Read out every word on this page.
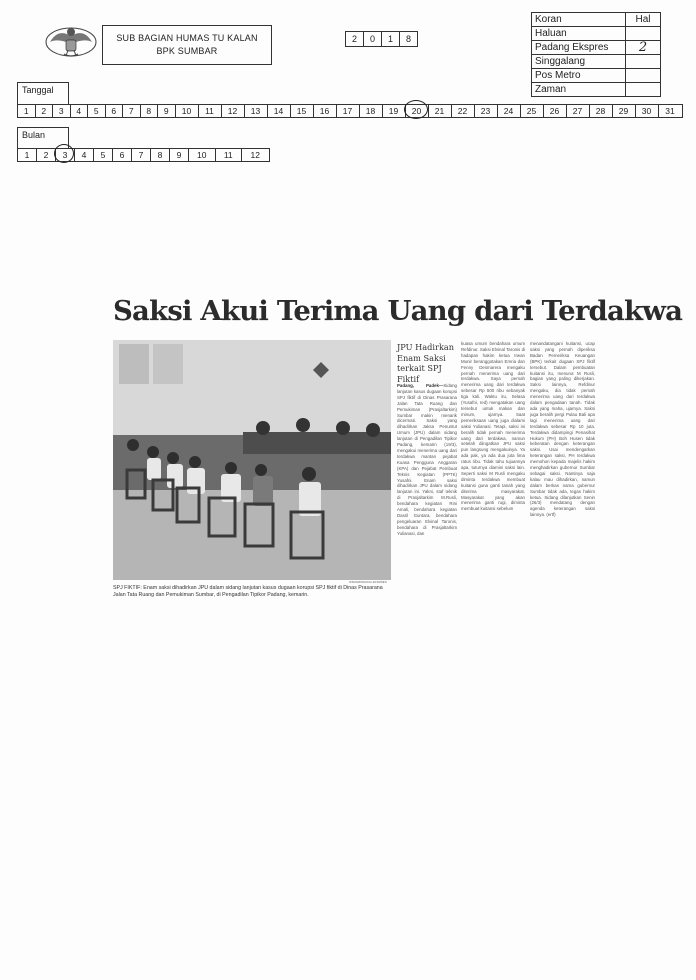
SUB BAGIAN HUMAS TU KALAN
BPK SUMBAR
2	0	1	8
Koran	Hal
Haluan	
Padang Ekspres	2
Singgalang	
Pos Metro	
Zaman	
Tanggal
1	2	3	4	5	6	7	8	9	10	11	12	13	14	15	16	17	18	19	20	21	22	23	24	25	26	27	28	29	30	31
Bulan
1	2	3	4	5	6	7	8	9	10	11	12
Saksi Akui Terima Uang dari Terdakwa
IKRAM/PADANG EKSPRES
SPJ FIKTIF: Enam saksi dihadirkan JPU dalam sidang lanjutan kasus dugaan korupsi SPJ fiktif di Dinas Prasarana Jalan Tata Ruang dan Pemukiman Sumbar, di Pengadilan Tipikor Padang, kemarin.
JPU Hadirkan Enam Saksi terkait SPJ Fiktif
Padang, Padek—Sidang lanjutan kasus dugaan korupsi SPJ fiktif di Dinas Prasarana Jalan Tata Ruang dan Pemukiman (Prasjaltarkim) Sumbar makin menarik dicermati. Saksi yang dihadirkan Jaksa Penuntut Umum (JPU) dalam sidang lanjutan di Pengadilan Tipikor Padang, kemarin (19/3), mengakui menerima uang dari terdakwa mantan pejabat Kuasa Pengguna Anggaran (KPA) dan Pejabat Pembuat Teknis Kegiatan (PPTK) Yusafni. Enam saksi dihadirkan JPU dalam sidang lanjutan ini. Yakni, staf teknik di Prasjaltarkim M.Rusli, bendahara kegiatan Rini Amali, bendahara kegiatan Dasril Guntara, bendahara pengeluaran Elvinal Taronis, bendahara di Prasjaltarkim Yulianasi, dan
kuasa umum bendahara umum Refdinur. Saksi Elvinal Taronis di hadapan hakim ketua Irwan Munir beranggotakan Emria dan Fenny Desmarera mengaku pernah menerima uang dari terdakwa. Saya pernah menerima uang dari terdakwa sebesar Rp 500 ribu sebanyak tiga kali. Waktu itu, Selasa (Yusafni, red) mengatakan uang tersebut untuk makan dan minum, ujarnya. Saat pemeriksaan uang juga dialami saksi Yulianasi. Tetapi, saksi ini beralih tidak pernah menerima uang dari terdakwa, namun setelah diingatkan JPU saksi pun langsung mengakuinya. Ya ada pak, ya ada dua juta lima ratus ribu. Tidak tahu tujuannya apa, tuturnya diamini saksi lain. Seperti saksi M Rusli mengaku diminta terdakwa membuat kuitansi guna ganti tanah yang diterima masyarakat. Masyarakat yang akan menerima ganti rugi, diminta membuat kuitansi sebelum
menandatangani kuitansi, ucap saksi yang pernah diperiksa Badan Pemeriksa Keuangan (BPK) terkait dugaan SPJ fiktif tersebut. Dalam pembuatan kuitansi itu, menurut M Rusli, bagian yang paling dikerjakan. Saksi lainnya, Refdinur mengaku, dia tidak pernah menerima uang dari terdakwa dalam pengadaan tanah. Tidak ada yang maha, ujarnya. Saksi juga beralih pergi Pulau Bali apa lagi menerima uang dari terdakwa sebesar Rp 10 juta. Terdakwa didampingi Penasihat Hukum (PH) Boh Husen tidak keberatan dengan keterangan saksi. Usai mendengarkan keterangan saksi, PH terdakwa memohon kepada majelis hakim menghadirkan gubernur Sumbar sebagai saksi. Nantinya saja kalau mau dihadirkan, namun dalam berkas nama gubernur Sumbar tidak ada, tegas hakim ketua. Sidang dilanjutkan Senin (26/3) mendatang dengan agenda keterangan saksi lainnya. (ertf)
